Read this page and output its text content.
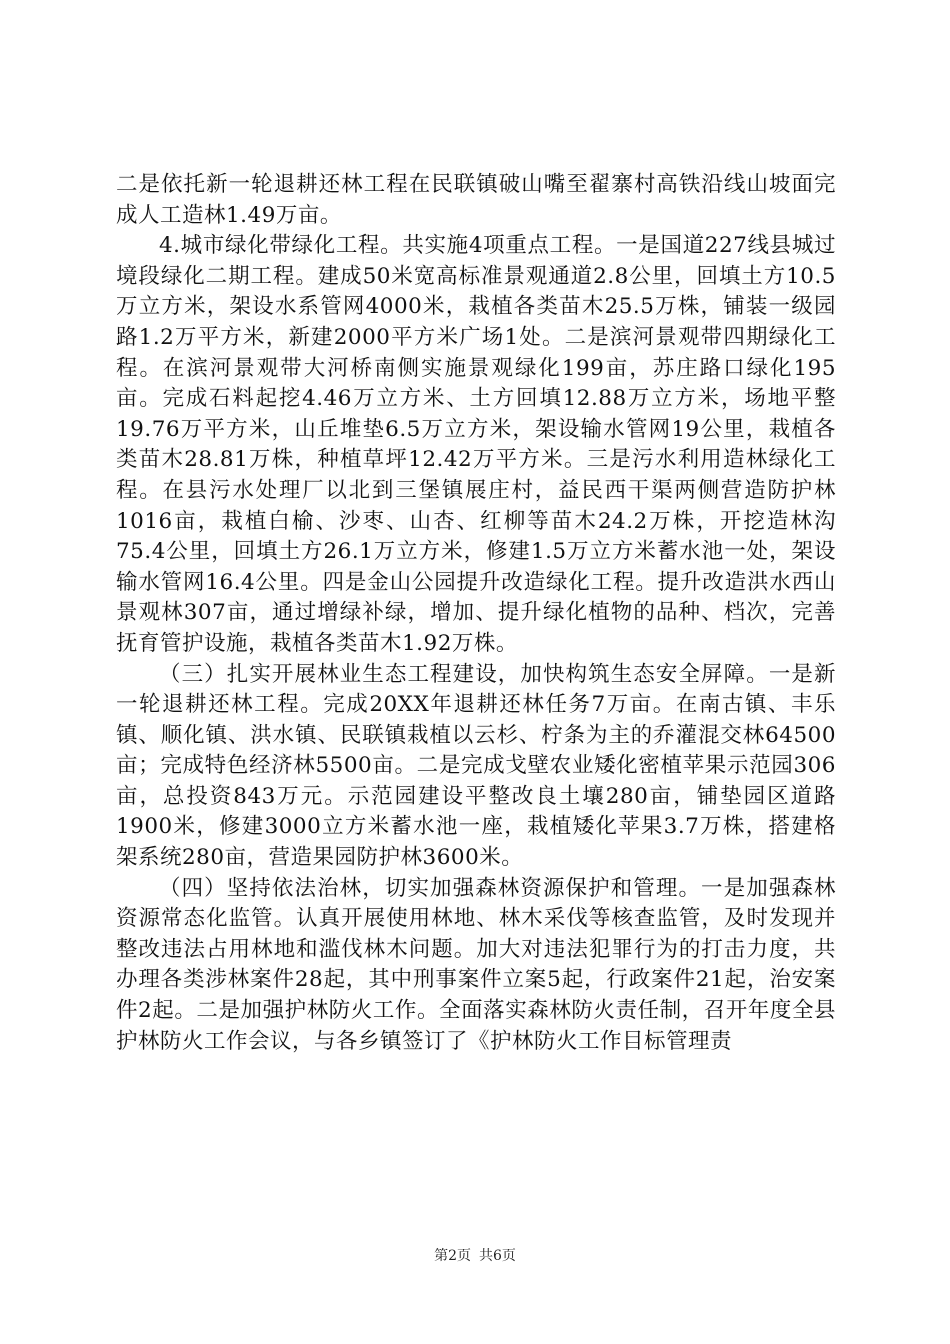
二是依托新一轮退耕还林工程在民联镇破山嘴至翟寨村高铁沿线山坡面完成人工造林1.49万亩。

4.城市绿化带绿化工程。共实施4项重点工程。一是国道227线县城过境段绿化二期工程。建成50米宽高标准景观通道2.8公里，回填土方10.5万立方米，架设水系管网4000米，栽植各类苗木25.5万株，铺装一级园路1.2万平方米，新建2000平方米广场1处。二是滨河景观带四期绿化工程。在滨河景观带大河桥南侧实施景观绿化199亩，苏庄路口绿化195亩。完成石料起挖4.46万立方米、土方回填12.88万立方米，场地平整19.76万平方米，山丘堆垫6.5万立方米，架设输水管网19公里，栽植各类苗木28.81万株，种植草坪12.42万平方米。三是污水利用造林绿化工程。在县污水处理厂以北到三堡镇展庄村，益民西干渠两侧营造防护林1016亩，栽植白榆、沙枣、山杏、红柳等苗木24.2万株，开挖造林沟75.4公里，回填土方26.1万立方米，修建1.5万立方米蓄水池一处，架设输水管网16.4公里。四是金山公园提升改造绿化工程。提升改造洪水西山景观林307亩，通过增绿补绿，增加、提升绿化植物的品种、档次，完善抚育管护设施，栽植各类苗木1.92万株。

（三）扎实开展林业生态工程建设，加快构筑生态安全屏障。一是新一轮退耕还林工程。完成20XX年退耕还林任务7万亩。在南古镇、丰乐镇、顺化镇、洪水镇、民联镇栽植以云杉、柠条为主的乔灌混交林64500亩；完成特色经济林5500亩。二是完成戈壁农业矮化密植苹果示范园306亩，总投资843万元。示范园建设平整改良土壤280亩，铺垫园区道路1900米，修建3000立方米蓄水池一座，栽植矮化苹果3.7万株，搭建格架系统280亩，营造果园防护林3600米。

（四）坚持依法治林，切实加强森林资源保护和管理。一是加强森林资源常态化监管。认真开展使用林地、林木采伐等核查监管，及时发现并整改违法占用林地和滥伐林木问题。加大对违法犯罪行为的打击力度，共办理各类涉林案件28起，其中刑事案件立案5起，行政案件21起，治安案件2起。二是加强护林防火工作。全面落实森林防火责任制，召开年度全县护林防火工作会议，与各乡镇签订了《护林防火工作目标管理责

第2页 共6页
